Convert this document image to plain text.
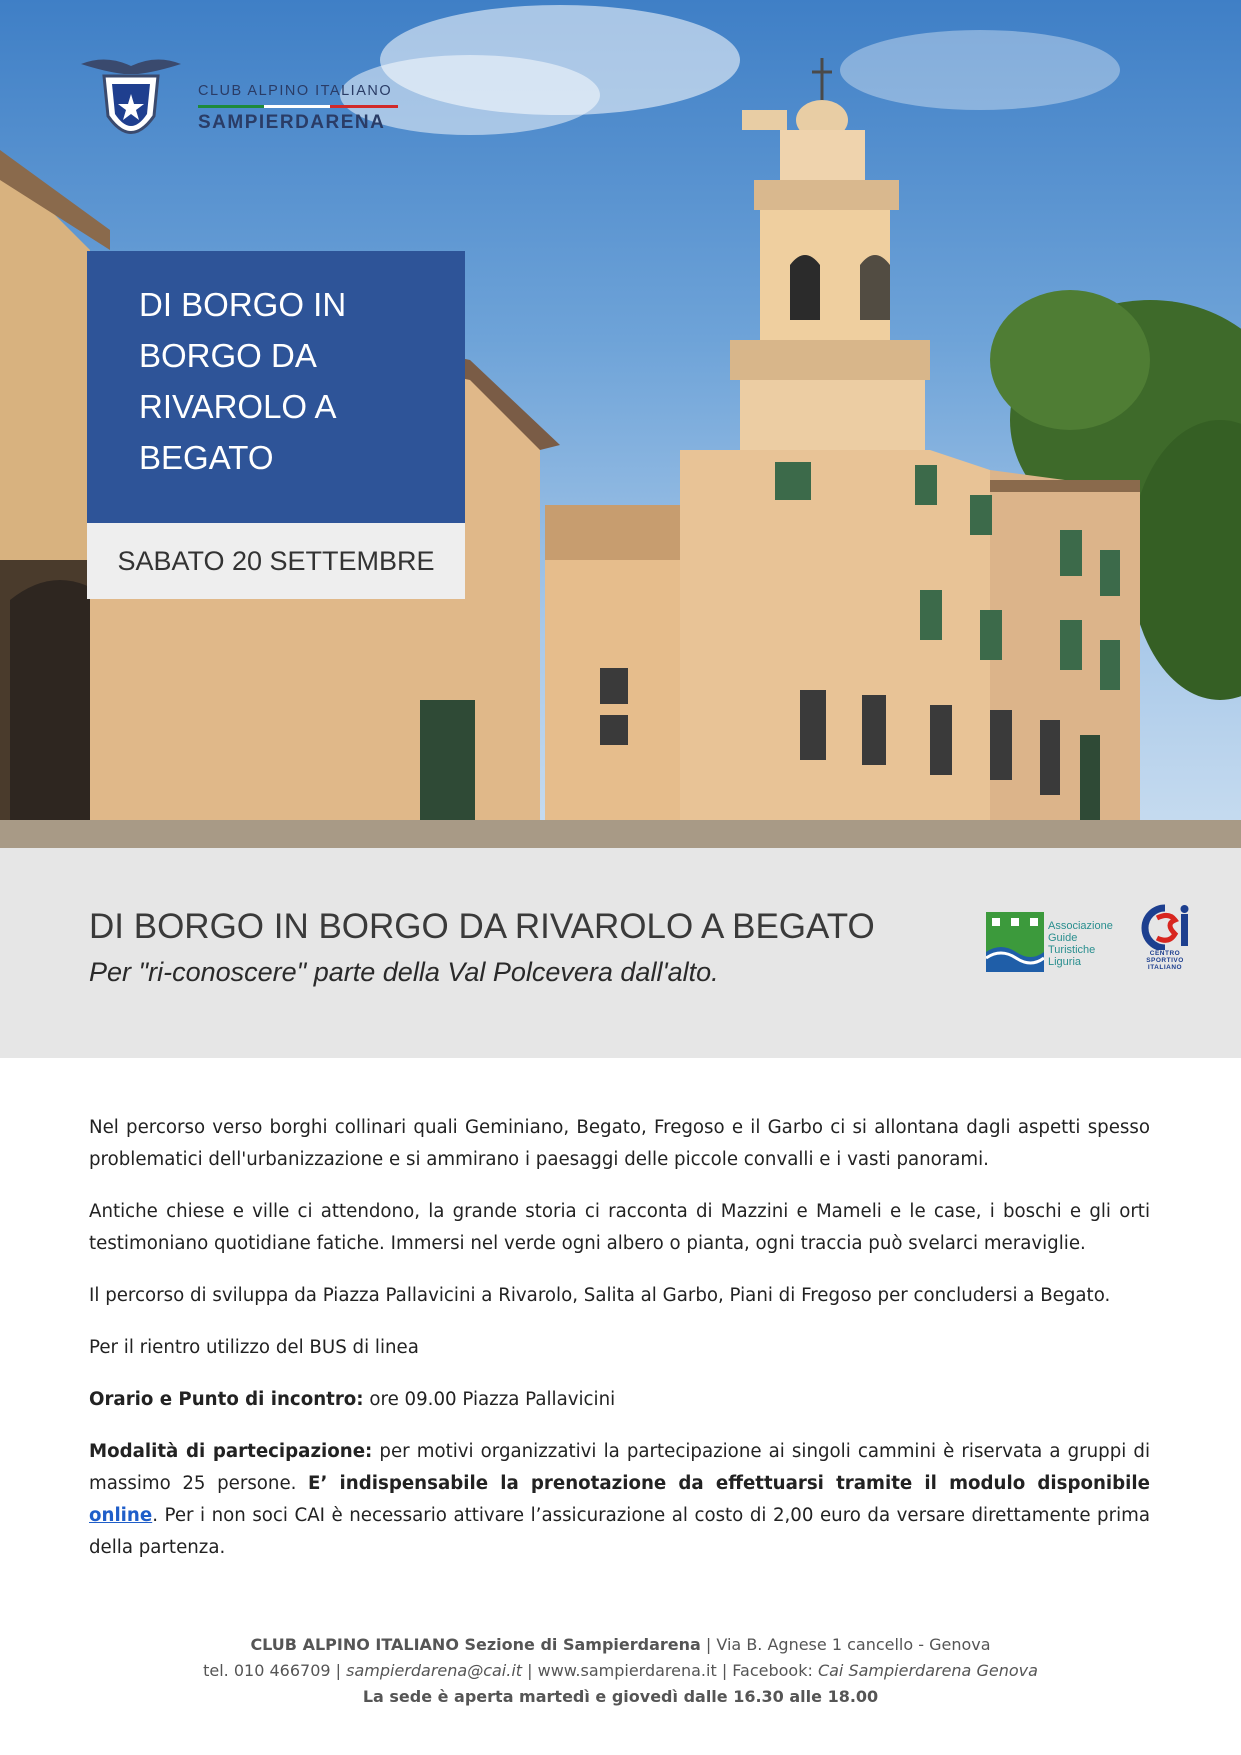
CLUB ALPINO ITALIANO
SAMPIERDARENA
DI BORGO IN
BORGO DA
RIVAROLO A
BEGATO
SABATO 20 SETTEMBRE
DI BORGO IN BORGO DA RIVAROLO A BEGATO
Per "ri-conoscere" parte della Val Polcevera dall'alto.
Associazione
Guide
Turistiche
Liguria
CENTRO
SPORTIVO
ITALIANO

Nel percorso verso borghi collinari quali Geminiano, Begato, Fregoso e il Garbo ci si allontana dagli aspetti spesso problematici dell'urbanizzazione e si ammirano i paesaggi delle piccole convalli e i vasti panorami.

Antiche chiese e ville ci attendono, la grande storia ci racconta di Mazzini e Mameli e le case, i boschi e gli orti testimoniano quotidiane fatiche. Immersi nel verde ogni albero o pianta, ogni traccia può svelarci meraviglie.

Il percorso di sviluppa da Piazza Pallavicini a Rivarolo, Salita al Garbo, Piani di Fregoso per concludersi a Begato.

Per il rientro utilizzo del BUS di linea

Orario e Punto di incontro: ore 09.00 Piazza Pallavicini

Modalità di partecipazione: per motivi organizzativi la partecipazione ai singoli cammini è riservata a gruppi di massimo 25 persone. E’ indispensabile la prenotazione da effettuarsi tramite il modulo disponibile online. Per i non soci CAI è necessario attivare l’assicurazione al costo di 2,00 euro da versare direttamente prima della partenza.

CLUB ALPINO ITALIANO Sezione di Sampierdarena | Via B. Agnese 1 cancello - Genova
tel. 010 466709 | sampierdarena@cai.it | www.sampierdarena.it | Facebook: Cai Sampierdarena Genova
La sede è aperta martedì e giovedì dalle 16.30 alle 18.00
